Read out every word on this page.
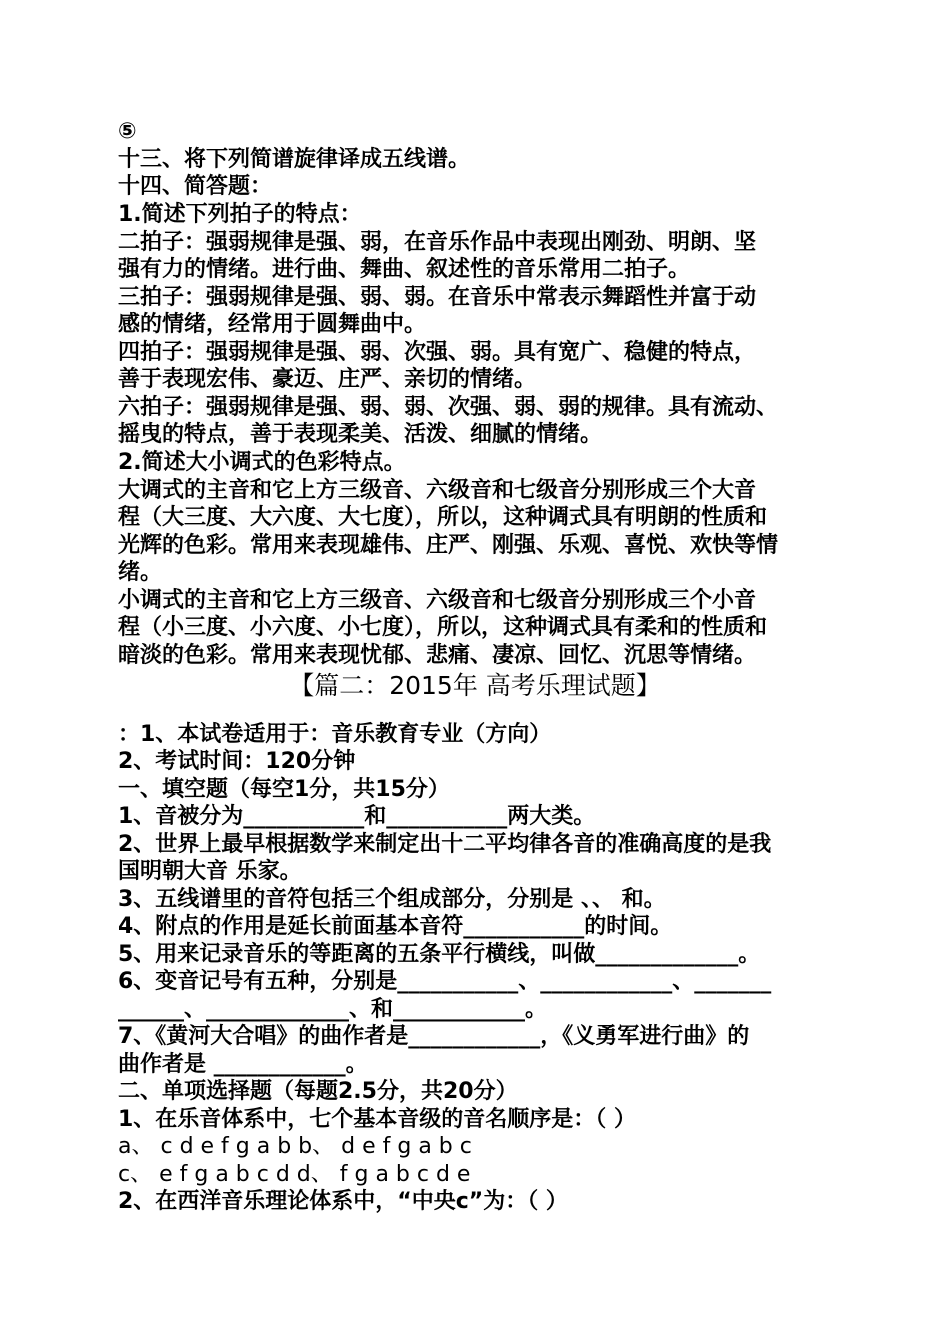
⑤
十三、将下列简谱旋律译成五线谱。
十四、简答题：
1.简述下列拍子的特点：
二拍子：强弱规律是强、弱，在音乐作品中表现出刚劲、明朗、坚
强有力的情绪。进行曲、舞曲、叙述性的音乐常用二拍子。
三拍子：强弱规律是强、弱、弱。在音乐中常表示舞蹈性并富于动
感的情绪，经常用于圆舞曲中。
四拍子：强弱规律是强、弱、次强、弱。具有宽广、稳健的特点，
善于表现宏伟、豪迈、庄严、亲切的情绪。
六拍子：强弱规律是强、弱、弱、次强、弱、弱的规律。具有流动、
摇曳的特点，善于表现柔美、活泼、细腻的情绪。
2.简述大小调式的色彩特点。
大调式的主音和它上方三级音、六级音和七级音分别形成三个大音
程（大三度、大六度、大七度），所以，这种调式具有明朗的性质和
光辉的色彩。常用来表现雄伟、庄严、刚强、乐观、喜悦、欢快等情
绪。
小调式的主音和它上方三级音、六级音和七级音分别形成三个小音
程（小三度、小六度、小七度），所以，这种调式具有柔和的性质和
暗淡的色彩。常用来表现忧郁、悲痛、凄凉、回忆、沉思等情绪。
【篇二：2015年 高考乐理试题】
：1、本试卷适用于：音乐教育专业（方向）
2、考试时间：120分钟
一、填空题（每空1分，共15分）
1、音被分为___________和___________两大类。
2、世界上最早根据数学来制定出十二平均律各音的准确高度的是我
国明朝大音 乐家。
3、五线谱里的音符包括三个组成部分，分别是 、、 和。
4、附点的作用是延长前面基本音符___________的时间。
5、用来记录音乐的等距离的五条平行横线，叫做_____________。
6、变音记号有五种，分别是___________、____________、_______
______、_____________、和____________。
7、《黄河大合唱》的曲作者是____________，《义勇军进行曲》的
曲作者是 ____________。
二、单项选择题（每题2.5分，共20分）
1、在乐音体系中，七个基本音级的音名顺序是：（ ）
a、 c d e f g a b b、 d e f g a b c
c、 e f g a b c d d、 f g a b c d e
2、在西洋音乐理论体系中，“中央c”为：（ ）
